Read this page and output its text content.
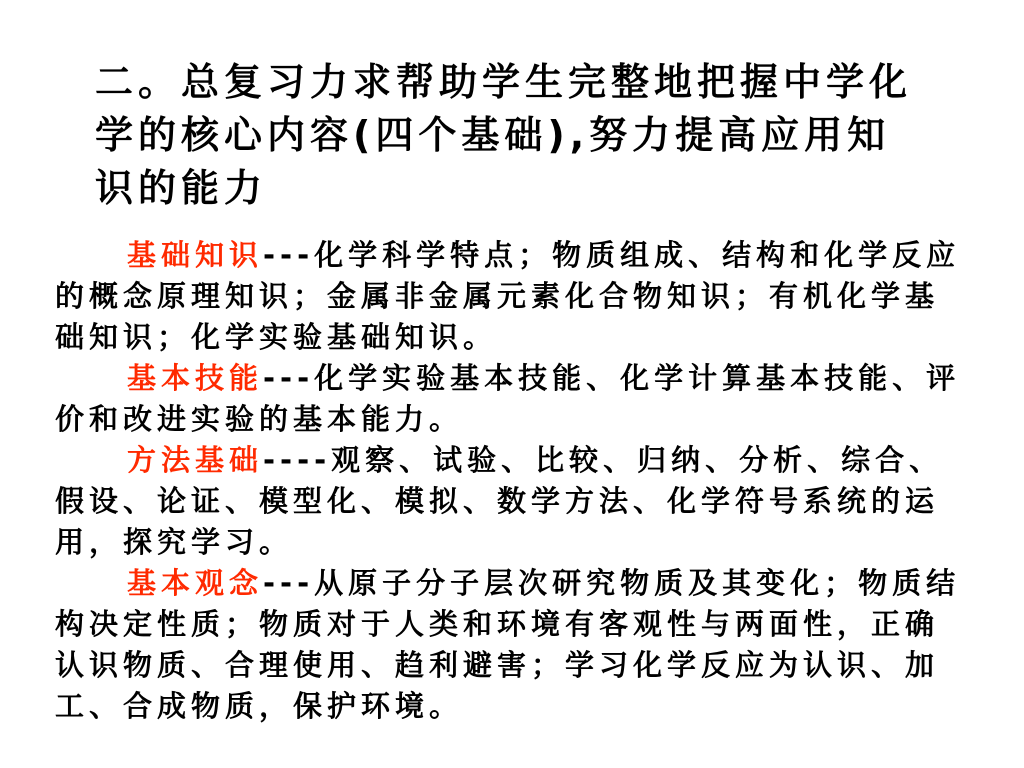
二。总复习力求帮助学生完整地把握中学化
学的核心内容(四个基础),努力提高应用知
识的能力
基础知识---化学科学特点；物质组成、结构和化学反应
的概念原理知识；金属非金属元素化合物知识；有机化学基
础知识；化学实验基础知识。
基本技能---化学实验基本技能、化学计算基本技能、评
价和改进实验的基本能力。
方法基础----观察、试验、比较、归纳、分析、综合、
假设、论证、模型化、模拟、数学方法、化学符号系统的运
用，探究学习。
基本观念---从原子分子层次研究物质及其变化；物质结
构决定性质；物质对于人类和环境有客观性与两面性，正确
认识物质、合理使用、趋利避害；学习化学反应为认识、加
工、合成物质，保护环境。
